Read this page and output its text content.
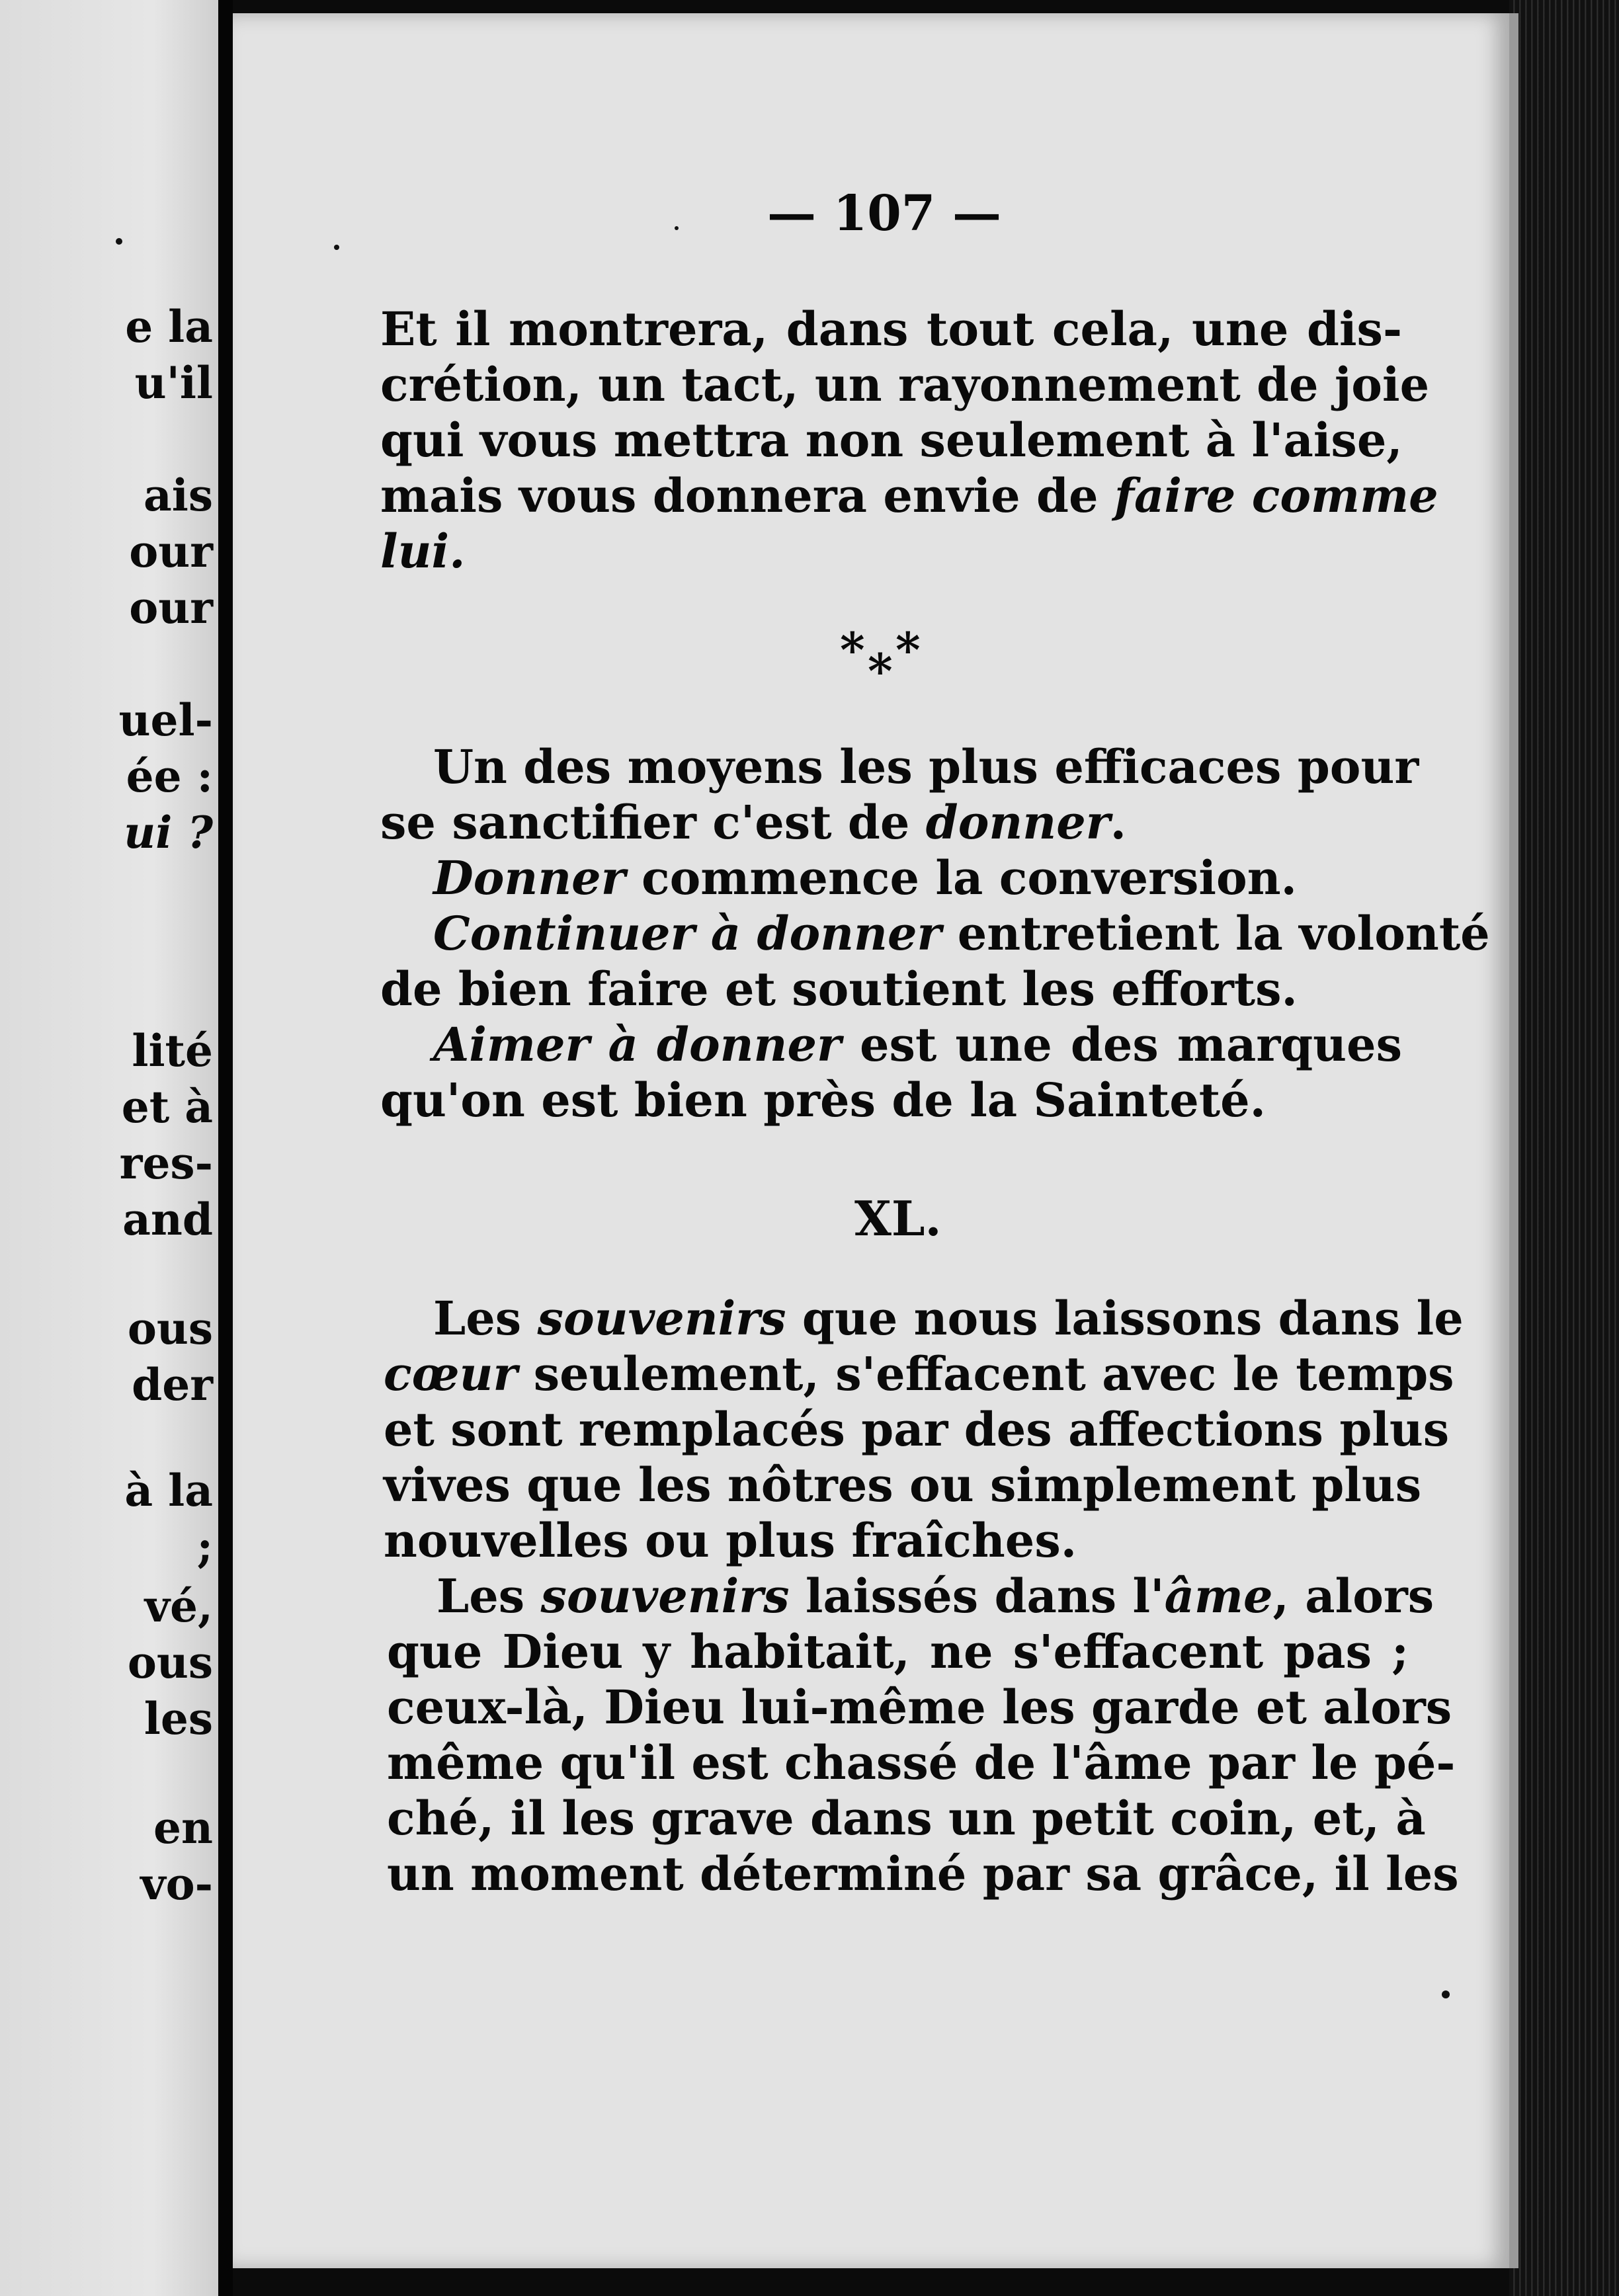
e la
u'il
ais
our
our
uel-
ée :
ui ?
lité
et à
res-
and
ous
der
à la
;
vé,
ous
les
en
vo-
— 107 —
Et il montrera, dans tout cela, une dis-
crétion, un tact, un rayonnement de joie
qui vous mettra non seulement à l'aise,
mais vous donnera envie de faire comme
lui.
* * *
Un des moyens les plus efficaces pour
se sanctifier c'est de donner.
Donner commence la conversion.
Continuer à donner entretient la volonté
de bien faire et soutient les efforts.
Aimer à donner est une des marques
qu'on est bien près de la Sainteté.
XL.
Les souvenirs que nous laissons dans le
cœur seulement, s'effacent avec le temps
et sont remplacés par des affections plus
vives que les nôtres ou simplement plus
nouvelles ou plus fraîches.
Les souvenirs laissés dans l'âme, alors
que Dieu y habitait, ne s'effacent pas ;
ceux-là, Dieu lui-même les garde et alors
même qu'il est chassé de l'âme par le pé-
ché, il les grave dans un petit coin, et, à
un moment déterminé par sa grâce, il les
